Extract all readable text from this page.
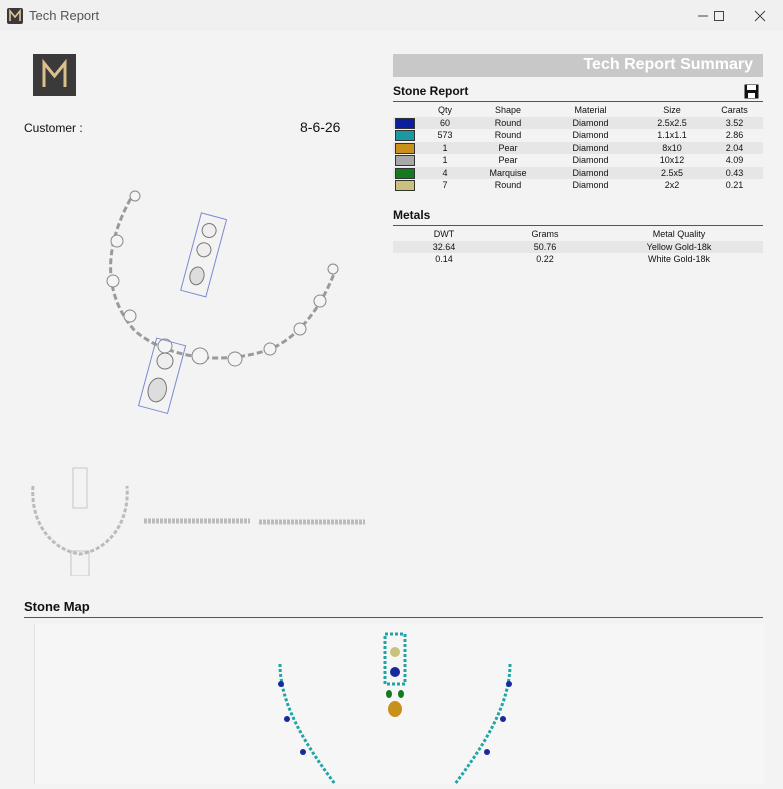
Tech Report
Customer :	8-6-26
Tech Report Summary
Stone Report
	Qty	Shape	Material	Size	Carats
	60	Round	Diamond	2.5x2.5	3.52
	573	Round	Diamond	1.1x1.1	2.86
	1	Pear	Diamond	8x10	2.04
	1	Pear	Diamond	10x12	4.09
	4	Marquise	Diamond	2.5x5	0.43
	7	Round	Diamond	2x2	0.21
Metals
DWT	Grams	Metal Quality
32.64	50.76	Yellow Gold-18k
0.14	0.22	White Gold-18k
Stone Map
